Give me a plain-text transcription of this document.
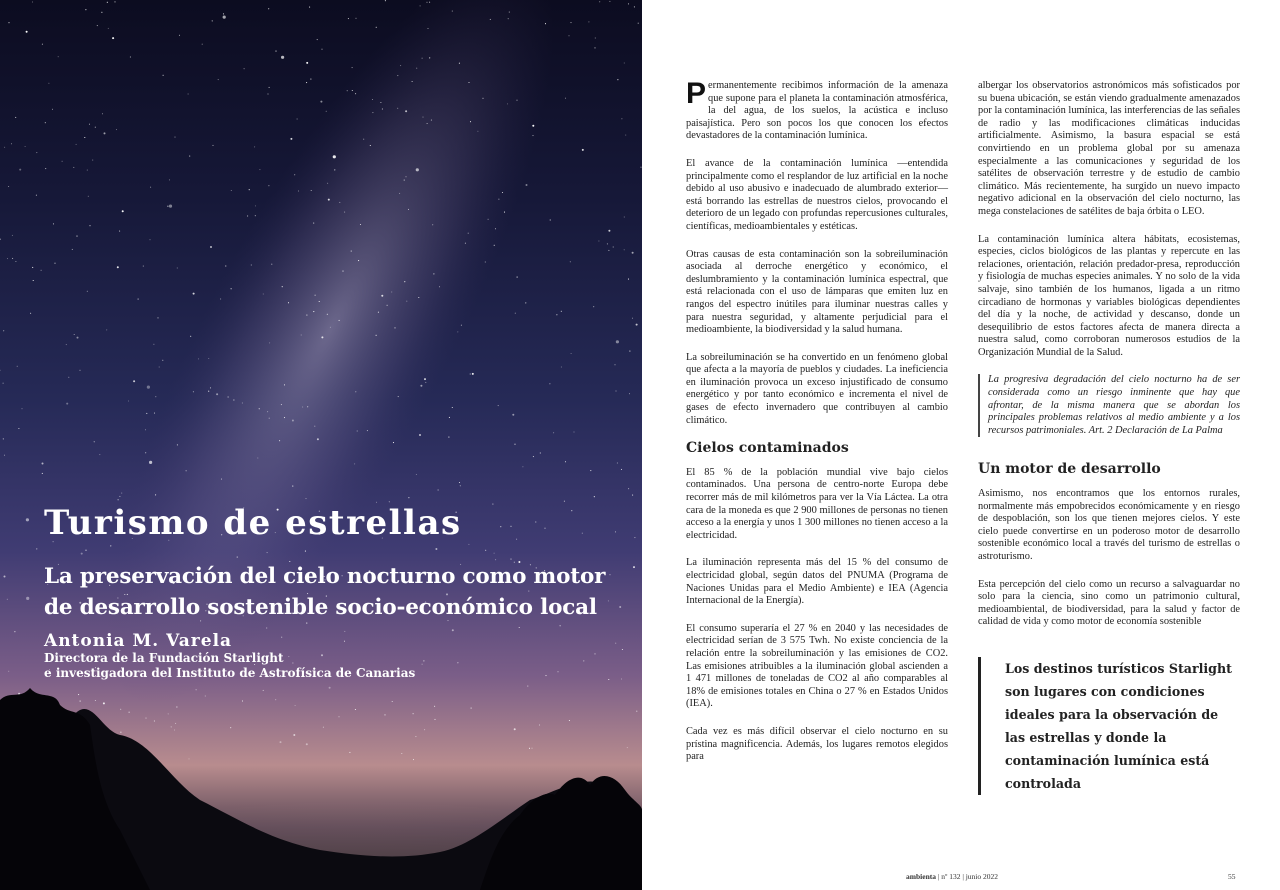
Turismo de estrellas
La preservación del cielo nocturno como motor de desarrollo sostenible socio-económico local

Antonia M. Varela

Directora de la Fundación Starlight

e investigadora del Instituto de Astrofísica de Canarias

Permanentemente recibimos información de la amenaza que supone para el planeta la contaminación atmosférica, la del agua, de los suelos, la acústica e incluso paisajística. Pero son pocos los que conocen los efectos devastadores de la contaminación lumínica.

El avance de la contaminación lumínica —entendida principalmente como el resplandor de luz artificial en la noche debido al uso abusivo e inadecuado de alumbrado exterior— está borrando las estrellas de nuestros cielos, provocando el deterioro de un legado con profundas repercusiones culturales, científicas, medioambientales y estéticas.

Otras causas de esta contaminación son la sobreiluminación asociada al derroche energético y económico, el deslumbramiento y la contaminación lumínica espectral, que está relacionada con el uso de lámparas que emiten luz en rangos del espectro inútiles para iluminar nuestras calles y para nuestra seguridad, y altamente perjudicial para el medioambiente, la biodiversidad y la salud humana.

La sobreiluminación se ha convertido en un fenómeno global que afecta a la mayoría de pueblos y ciudades. La ineficiencia en iluminación provoca un exceso injustificado de consumo energético y por tanto económico e incrementa el nivel de gases de efecto invernadero que contribuyen al cambio climático.

Cielos contaminados

El 85 % de la población mundial vive bajo cielos contaminados. Una persona de centro-norte Europa debe recorrer más de mil kilómetros para ver la Vía Láctea. La otra cara de la moneda es que 2 900 millones de personas no tienen acceso a la energía y unos 1 300 millones no tienen acceso a la electricidad.

La iluminación representa más del 15 % del consumo de electricidad global, según datos del PNUMA (Programa de Naciones Unidas para el Medio Ambiente) e IEA (Agencia Internacional de la Energía).

El consumo superaría el 27 % en 2040 y las necesidades de electricidad serían de 3 575 Twh. No existe conciencia de la relación entre la sobreiluminación y las emisiones de CO2. Las emisiones atribuibles a la iluminación global ascienden a 1 471 millones de toneladas de CO2 al año comparables al 18% de emisiones totales en China o 27 % en Estados Unidos (IEA).

Cada vez es más difícil observar el cielo nocturno en su prístina magnificencia. Además, los lugares remotos elegidos para

albergar los observatorios astronómicos más sofisticados por su buena ubicación, se están viendo gradualmente amenazados por la contaminación lumínica, las interferencias de las señales de radio y las modificaciones climáticas inducidas artificialmente. Asimismo, la basura espacial se está convirtiendo en un problema global por su amenaza especialmente a las comunicaciones y seguridad de los satélites de observación terrestre y de estudio de cambio climático. Más recientemente, ha surgido un nuevo impacto negativo adicional en la observación del cielo nocturno, las mega constelaciones de satélites de baja órbita o LEO.

La contaminación lumínica altera hábitats, ecosistemas, especies, ciclos biológicos de las plantas y repercute en las relaciones, orientación, relación predador-presa, reproducción y fisiología de muchas especies animales. Y no solo de la vida salvaje, sino también de los humanos, ligada a un ritmo circadiano de hormonas y variables biológicas dependientes del día y la noche, de actividad y descanso, donde un desequilibrio de estos factores afecta de manera directa a nuestra salud, como corroboran numerosos estudios de la Organización Mundial de la Salud.

La progresiva degradación del cielo nocturno ha de ser considerada como un riesgo inminente que hay que afrontar, de la misma manera que se abordan los principales problemas relativos al medio ambiente y a los recursos patrimoniales. Art. 2 Declaración de La Palma
Un motor de desarrollo

Asimismo, nos encontramos que los entornos rurales, normalmente más empobrecidos económicamente y en riesgo de despoblación, son los que tienen mejores cielos. Y este cielo puede convertirse en un poderoso motor de desarrollo sostenible económico local a través del turismo de estrellas o astroturismo.

Esta percepción del cielo como un recurso a salvaguardar no solo para la ciencia, sino como un patrimonio cultural, medioambiental, de biodiversidad, para la salud y factor de calidad de vida y como motor de economía sostenible

Los destinos turísticos Starlight son lugares con condiciones ideales para la observación de las estrellas y donde la contaminación lumínica está controlada
ambienta | nº 132 | junio 2022	55
